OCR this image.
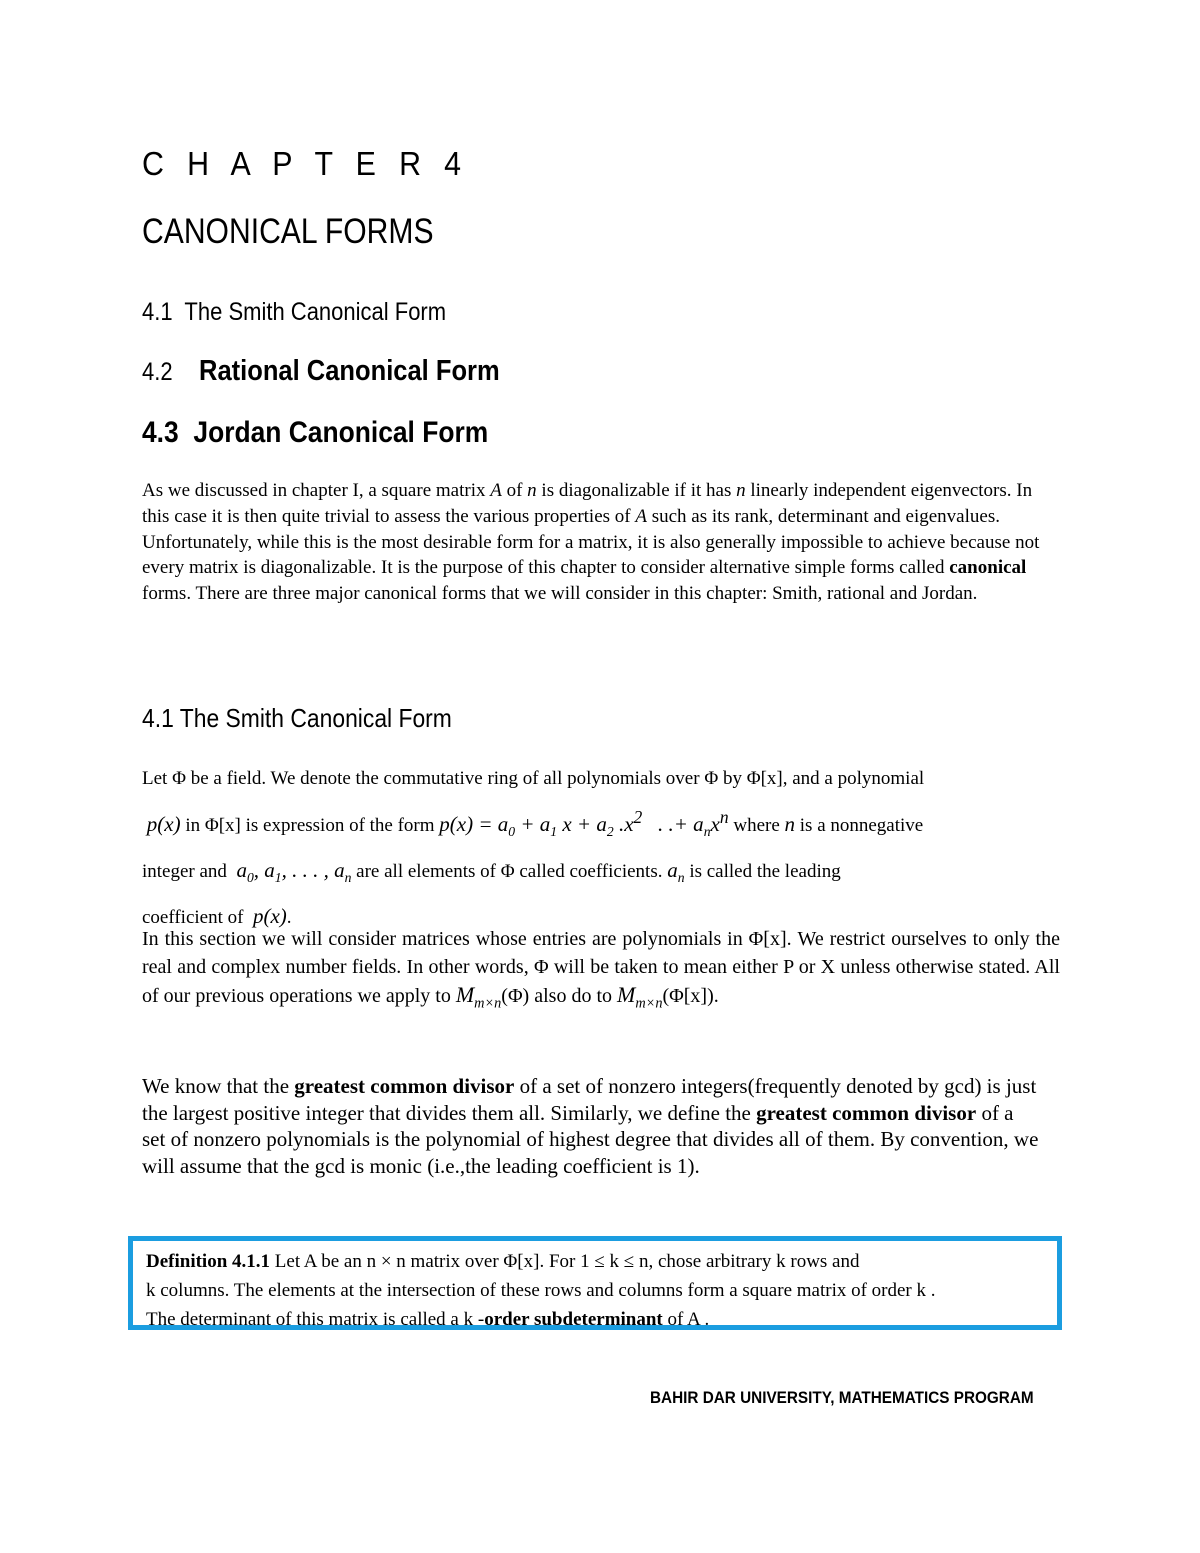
C H A P T E R 4
CANONICAL FORMS
4.1 The Smith Canonical Form
4.2 Rational Canonical Form
4.3 Jordan Canonical Form
As we discussed in chapter I, a square matrix A of n is diagonalizable if it has n linearly independent eigenvectors. In this case it is then quite trivial to assess the various properties of A such as its rank, determinant and eigenvalues. Unfortunately, while this is the most desirable form for a matrix, it is also generally impossible to achieve because not every matrix is diagonalizable. It is the purpose of this chapter to consider alternative simple forms called canonical forms. There are three major canonical forms that we will consider in this chapter: Smith, rational and Jordan.
4.1 The Smith Canonical Form
Let Φ be a field. We denote the commutative ring of all polynomials over Φ by Φ[x], and a polynomial
p(x) in Φ[x] is expression of the form $p(x) = a_0 + a_1$ $x + a_2$ $.x^2$   . .+ $a_nx^n$ where n is a nonnegative
integer and  $a_0$, $a_1$, . . . , $a_n$ are all elements of Φ called coefficients. $a_n$ is called the leading
coefficient of  p(x).
In this section we will consider matrices whose entries are polynomials in Φ[x]. We restrict ourselves to only the real and complex number fields. In other words, Φ will be taken to mean either P or X unless otherwise stated. All of our previous operations we apply to $M_{m\times n}(\Phi)$ also do to $M_{m\times n}(\Phi[x])$.
We know that the greatest common divisor of a set of nonzero integers(frequently denoted by gcd) is just the largest positive integer that divides them all. Similarly, we define the greatest common divisor of a set of nonzero polynomials is the polynomial of highest degree that divides all of them. By convention, we will assume that the gcd is monic (i.e.,the leading coefficient is 1).
Definition 4.1.1 Let A be an n × n matrix over Φ[x]. For 1 ≤ k ≤ n, chose arbitrary k rows and
k columns. The elements at the intersection of these rows and columns form a square matrix of order k .
The determinant of this matrix is called a k -order subdeterminant of A .
BAHIR DAR UNIVERSITY, MATHEMATICS PROGRAM
